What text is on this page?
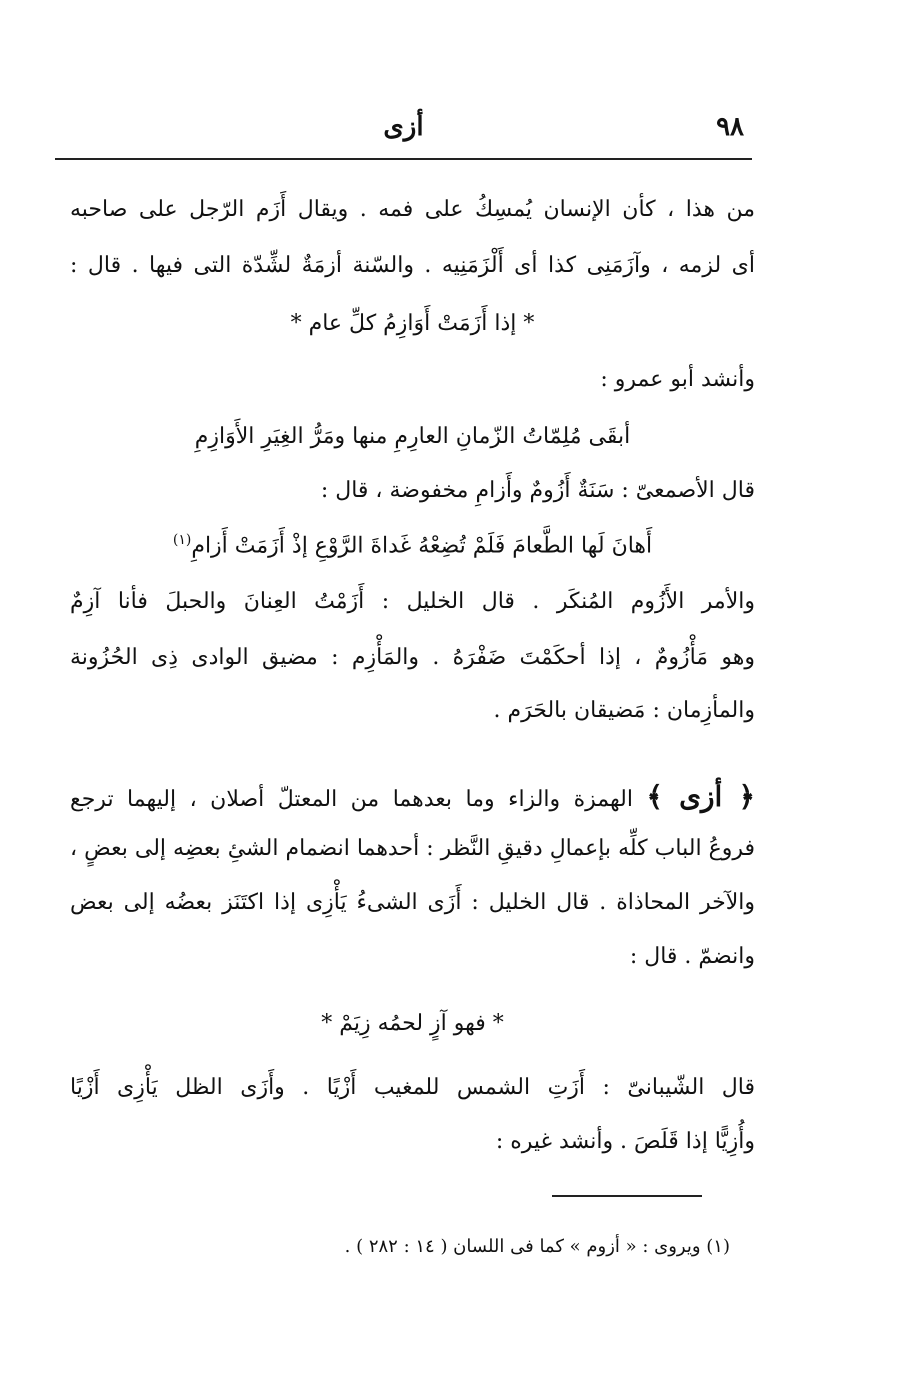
٩٨
أزى
من هذا ، كأن الإنسان يُمسِكُ على فمه . ويقال أَزَم الرّجل على صاحبه
أى لزمه ، وآزَمَنِى كذا أى أَلْزَمَنِيه . والسّنة أزمَةٌ لشِّدّة التى فيها . قال :
* إذا أَزَمَتْ أَوَازِمُ كلِّ عام *
وأنشد أبو عمرو :
أبقَى مُلِمّاتُ الزّمانِ العارِمِ منها ومَرُّ الغِيَرِ الأَوَازِمِ
قال الأصمعىّ : سَنَةٌ أَزُومٌ وأَزامِ مخفوضة ، قال :
أَهانَ لَها الطَّعامَ فَلَمْ تُضِعْهُ غَداةَ الرَّوْعِ إذْ أَزَمَتْ أَزامِ$^{(١)}$
والأمر الأَزُوم المُنكَر . قال الخليل : أَزَمْتُ العِنانَ والحبلَ فأنا آزِمٌ
وهو مَأْزُومٌ ، إذا أحكَمْتَ ضَفْرَهُ . والمَأْزِم : مضيق الوادى ذِى الحُزُونة
والمأزِمان : مَضيقان بالحَرَم .
﴿ أزى ﴾ الهمزة والزاء وما بعدهما من المعتلّ أصلان ، إليهما ترجع
فروعُ الباب كلِّه بإعمالِ دقيقِ النَّظر : أحدهما انضمام الشئِ بعضِه إلى بعضٍ ،
والآخر المحاذاة . قال الخليل : أَزَى الشىءُ يَأْزِى إذا اكتَنَز بعضُه إلى بعض
وانضمّ . قال :
* فهو آزٍ لحمُه زِيَمْ *
قال الشّيبانىّ : أَزَتِ الشمس للمغيب أَزْيًا . وأَزَى الظل يَأْزِى أَزْيًا
وأُزِيًّا إذا قَلَصَ . وأنشد غيره :
(١) ويروى : « أزوم » كما فى اللسان ( ١٤ : ٢٨٢ ) .
